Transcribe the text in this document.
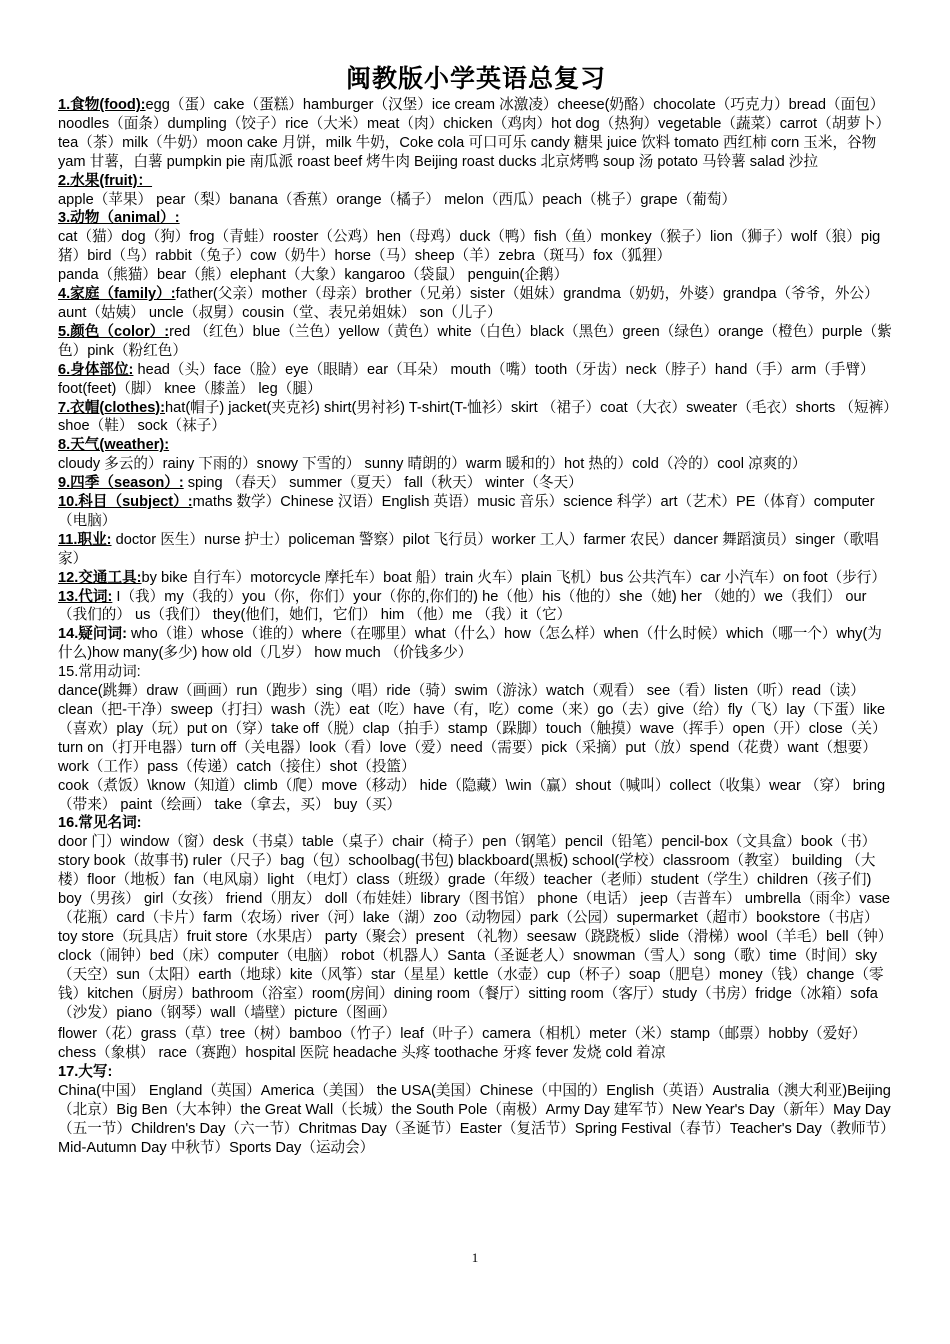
闽教版小学英语总复习
1.食物(food):egg（蛋）cake（蛋糕）hamburger（汉堡）ice cream 冰激凌）cheese(奶酪）chocolate（巧克力）bread（面包） noodles（面条）dumpling（饺子）rice（大米）meat（肉）chicken（鸡肉）hot dog（热狗）vegetable（蔬菜）carrot（胡萝卜）tea（茶）milk（牛奶）moon cake 月饼，milk 牛奶，Coke cola 可口可乐 candy 糖果 juice 饮料 tomato 西红柿 corn 玉米，谷物 yam 甘薯，白薯 pumpkin pie 南瓜派 roast beef 烤牛肉 Beijing roast ducks 北京烤鸭 soup 汤 potato 马铃薯 salad 沙拉
2.水果(fruit)：
apple（苹果） pear（梨）banana（香蕉）orange（橘子） melon（西瓜）peach（桃子）grape（葡萄）
3.动物（animal）:
cat（猫）dog（狗）frog（青蛙）rooster（公鸡）hen（母鸡）duck（鸭）fish（鱼）monkey（猴子）lion（狮子）wolf（狼）pig 猪）bird（鸟）rabbit（兔子）cow（奶牛）horse（马）sheep（羊）zebra（斑马）fox（狐狸）
panda（熊猫）bear（熊）elephant（大象）kangaroo（袋鼠） penguin(企鹅）
4.家庭（family）:father(父亲）mother（母亲）brother（兄弟）sister（姐妹）grandma（奶奶，外婆）grandpa（爷爷，外公）aunt（姑姨） uncle（叔舅）cousin（堂、表兄弟姐妹） son（儿子）
5.颜色（color）:red （红色）blue（兰色）yellow（黄色）white（白色）black（黑色）green（绿色）orange（橙色）purple（紫色）pink（粉红色）
6.身体部位: head（头）face（脸）eye（眼睛）ear（耳朵） mouth（嘴）tooth（牙齿）neck（脖子）hand（手）arm（手臂）foot(feet)（脚） knee（膝盖） leg（腿）
7.衣帽(clothes):hat(帽子) jacket(夹克衫) shirt(男衬衫) T-shirt(T-恤衫）skirt （裙子）coat（大衣）sweater（毛衣）shorts （短裤）shoe（鞋） sock（袜子）
8.天气(weather):
cloudy 多云的）rainy 下雨的）snowy 下雪的） sunny 晴朗的）warm 暖和的）hot 热的）cold（冷的）cool 凉爽的）
9.四季（season）: sping （春天） summer（夏天） fall（秋天） winter（冬天）
10.科目（subject）:maths 数学）Chinese 汉语）English 英语）music 音乐）science 科学）art（艺术）PE（体育）computer（电脑）
11.职业: doctor 医生）nurse 护士）policeman 警察）pilot 飞行员）worker 工人）farmer 农民）dancer 舞蹈演员）singer（歌唱家）
12.交通工具:by bike 自行车）motorcycle 摩托车）boat 船）train 火车）plain 飞机）bus 公共汽车）car 小汽车）on foot（步行）
13.代词: I（我）my（我的）you（你，你们）your（你的,你们的) he（他）his（他的）she（她) her （她的）we（我们） our（我们的） us（我们） they(他们，她们，它们） him （他）me （我）it（它）
14.疑问词: who（谁）whose（谁的）where（在哪里）what（什么）how（怎么样）when（什么时候）which（哪一个）why(为什么)how many(多少) how old（几岁） how much （价钱多少）
15.常用动词:
dance(跳舞）draw（画画）run（跑步）sing（唱）ride（骑）swim（游泳）watch（观看） see（看）listen（听）read（读）clean（把-干净）sweep（打扫）wash（洗）eat（吃）have（有，吃）come（来）go（去）give（给）fly（飞）lay（下蛋）like（喜欢）play（玩）put on（穿）take off（脱）clap（拍手）stamp（跺脚）touch（触摸）wave（挥手）open（开）close（关）turn on（打开电器）turn off（关电器）look（看）love（爱）need（需要）pick（采摘）put（放）spend（花费）want（想要）work（工作）pass（传递）catch（接住）shot（投篮）
cook（煮饭）\know（知道）climb（爬）move（移动） hide（隐藏）\win（赢）shout（喊叫）collect（收集）wear （穿） bring（带来） paint（绘画） take（拿去，买） buy（买）
16.常见名词:
door 门）window（窗）desk（书桌）table（桌子）chair（椅子）pen（钢笔）pencil（铅笔）pencil-box（文具盒）book（书）story book（故事书) ruler（尺子）bag（包）schoolbag(书包) blackboard(黑板) school(学校）classroom（教室） building （大楼）floor（地板）fan（电风扇）light （电灯）class（班级）grade（年级）teacher（老师）student（学生）children（孩子们) boy（男孩） girl（女孩） friend（朋友） doll（布娃娃）library（图书馆） phone（电话） jeep（吉普车） umbrella（雨伞）vase（花瓶）card（卡片）farm（农场）river（河）lake（湖）zoo（动物园）park（公园）supermarket（超市）bookstore（书店）toy store（玩具店）fruit store（水果店） party（聚会）present （礼物）seesaw（跷跷板）slide（滑梯）wool（羊毛）bell（钟）clock（闹钟）bed（床）computer（电脑） robot（机器人）Santa（圣诞老人）snowman（雪人）song（歌）time（时间）sky（天空）sun（太阳）earth（地球）kite（风筝）star（星星）kettle（水壶）cup（杯子）soap（肥皂）money（钱）change（零钱）kitchen（厨房）bathroom（浴室）room(房间）dining room（餐厅）sitting room（客厅）study（书房）fridge（冰箱）sofa（沙发）piano（钢琴）wall（墙壁）picture（图画）
flower（花）grass（草）tree（树）bamboo（竹子）leaf（叶子）camera（相机）meter（米）stamp（邮票）hobby（爱好）chess（象棋） race（赛跑）hospital 医院 headache 头疼 toothache 牙疼 fever 发烧 cold 着凉
17.大写:
China(中国） England（英国）America（美国） the USA(美国）Chinese（中国的）English（英语）Australia（澳大利亚)Beijing（北京）Big Ben（大本钟）the Great Wall（长城）the South Pole（南极）Army Day 建军节）New Year's Day（新年）May Day（五一节）Children's Day（六一节）Chritmas Day（圣诞节）Easter（复活节）Spring Festival（春节）Teacher's Day（教师节）Mid-Autumn Day 中秋节）Sports Day（运动会）
1
